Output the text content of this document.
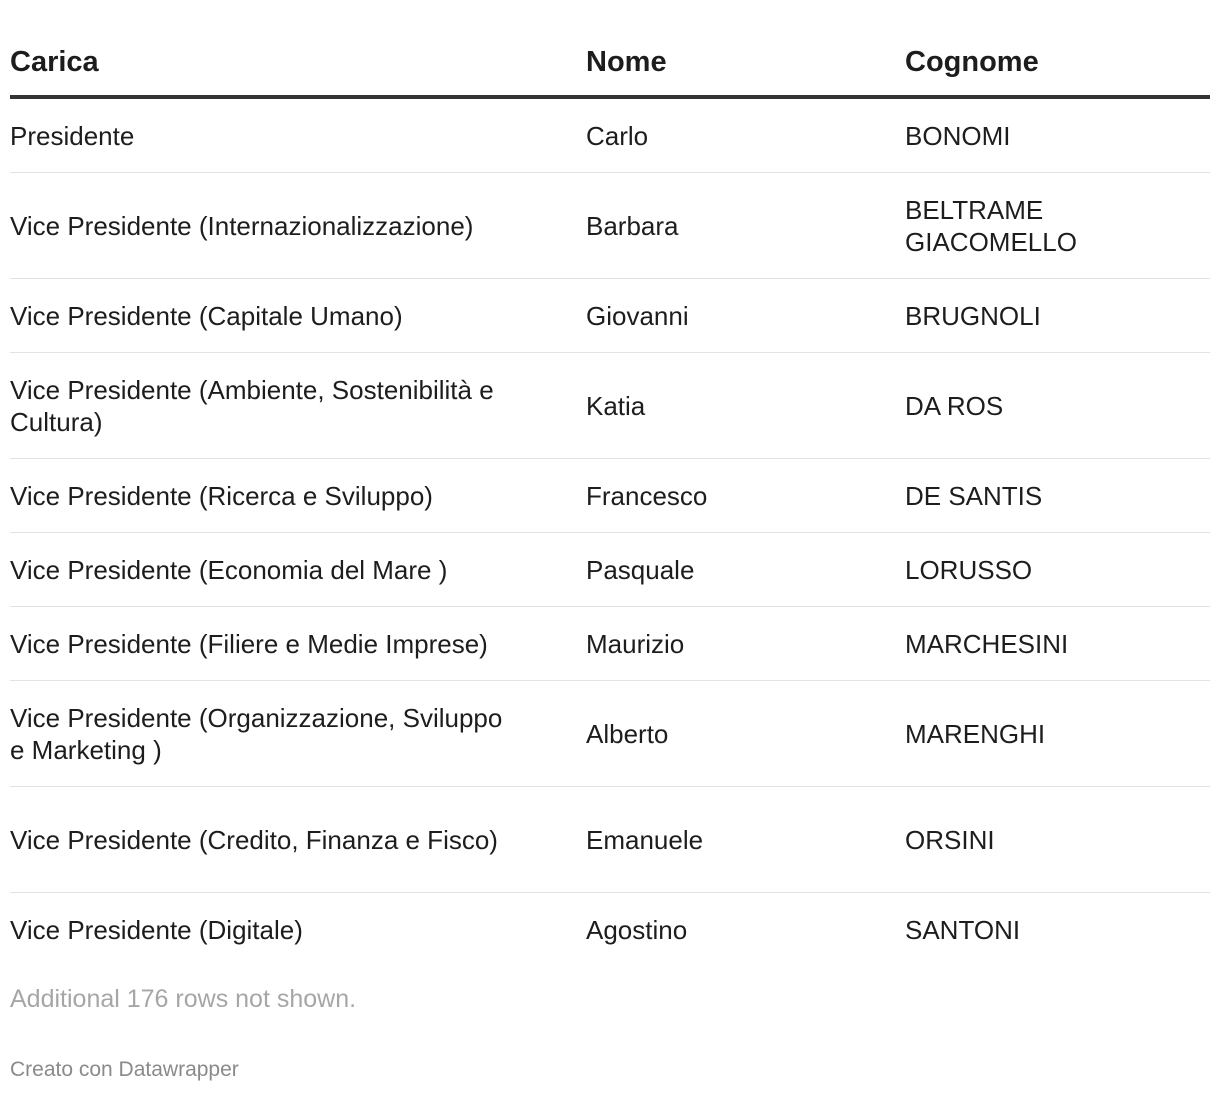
Carica	Nome	Cognome

Presidente	Carlo	BONOMI

Vice Presidente (Internazionalizzazione)	Barbara	BELTRAME GIACOMELLO

Vice Presidente (Capitale Umano)	Giovanni	BRUGNOLI

Vice Presidente (Ambiente, Sostenibilità e Cultura)	Katia	DA ROS

Vice Presidente (Ricerca e Sviluppo)	Francesco	DE SANTIS

Vice Presidente (Economia del Mare )	Pasquale	LORUSSO

Vice Presidente (Filiere e Medie Imprese)	Maurizio	MARCHESINI

Vice Presidente (Organizzazione, Sviluppo e Marketing )	Alberto	MARENGHI

Vice Presidente (Credito, Finanza e Fisco)	Emanuele	ORSINI

Vice Presidente (Digitale)	Agostino	SANTONI
Additional 176 rows not shown.
Creato con Datawrapper
